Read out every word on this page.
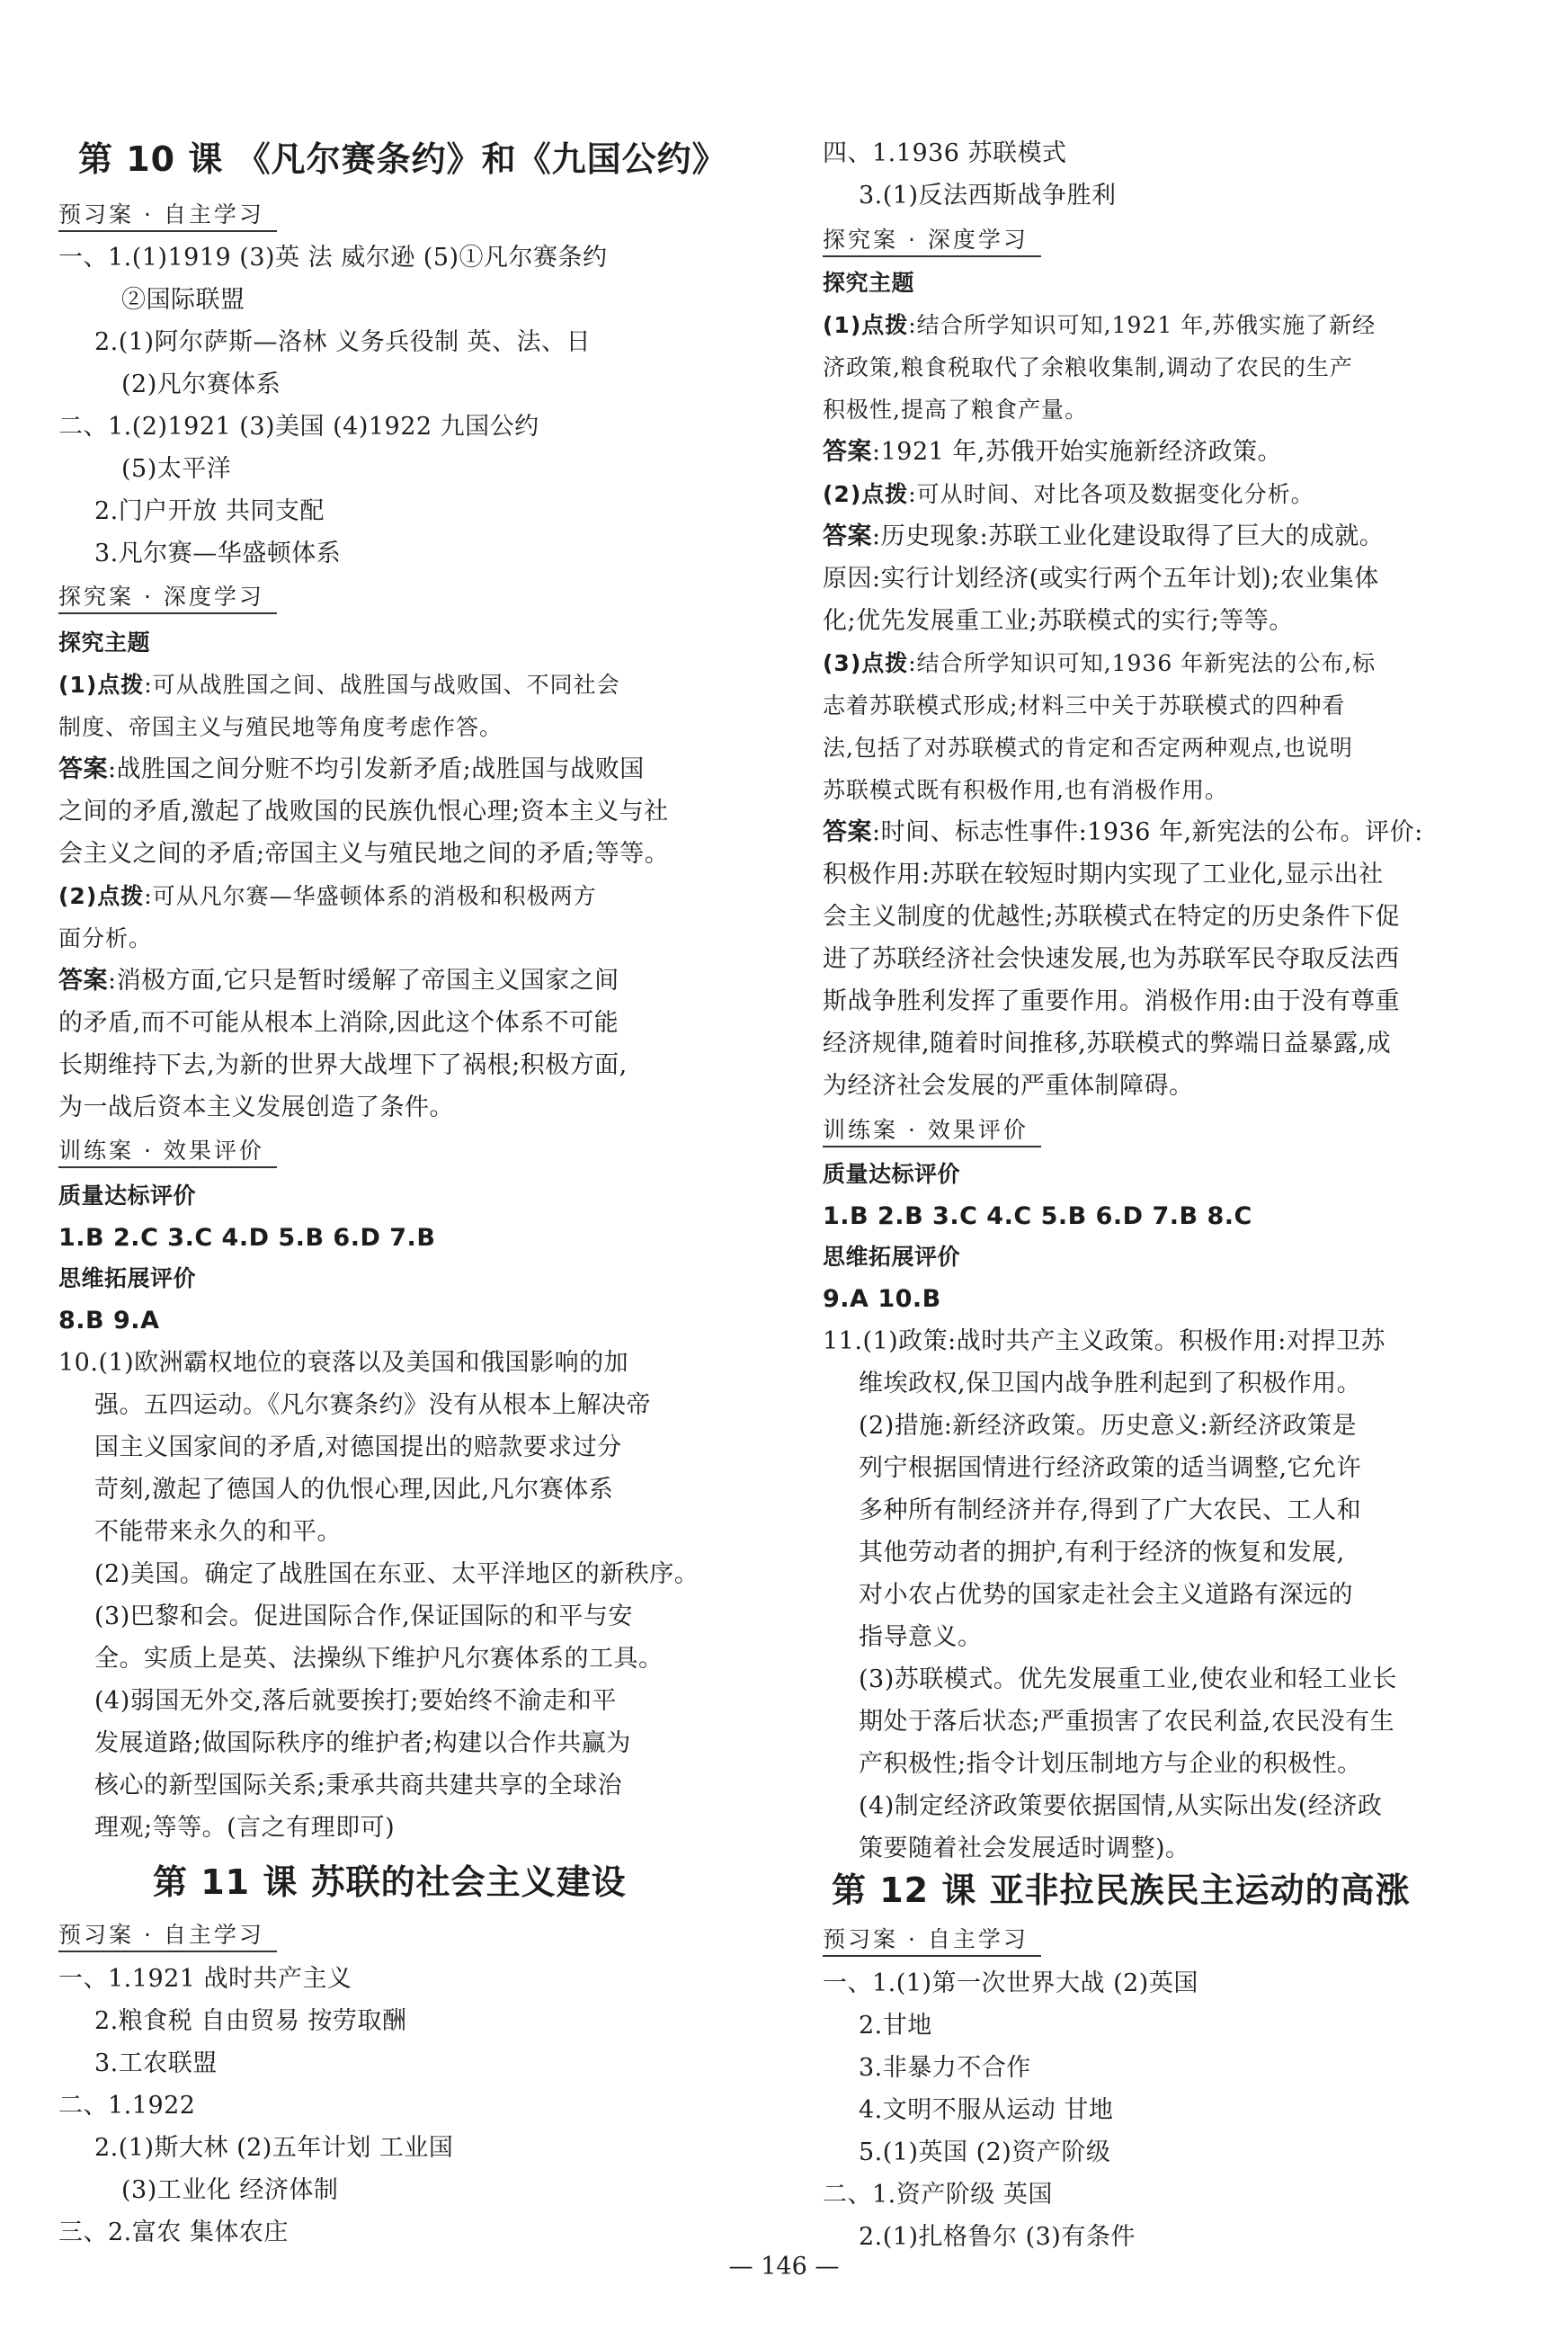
第 10 课 《凡尔赛条约》和《九国公约》
预习案 · 自主学习
一、1.(1)1919 (3)英 法 威尔逊 (5)①凡尔赛条约
②国际联盟
2.(1)阿尔萨斯—洛林 义务兵役制 英、法、日
(2)凡尔赛体系
二、1.(2)1921 (3)美国 (4)1922 九国公约
(5)太平洋
2.门户开放 共同支配
3.凡尔赛—华盛顿体系
探究案 · 深度学习
探究主题
(1)点拨:可从战胜国之间、战胜国与战败国、不同社会
制度、帝国主义与殖民地等角度考虑作答。
答案:战胜国之间分赃不均引发新矛盾;战胜国与战败国
之间的矛盾,激起了战败国的民族仇恨心理;资本主义与社
会主义之间的矛盾;帝国主义与殖民地之间的矛盾;等等。
(2)点拨:可从凡尔赛—华盛顿体系的消极和积极两方
面分析。
答案:消极方面,它只是暂时缓解了帝国主义国家之间
的矛盾,而不可能从根本上消除,因此这个体系不可能
长期维持下去,为新的世界大战埋下了祸根;积极方面,
为一战后资本主义发展创造了条件。
训练案 · 效果评价
质量达标评价
1.B 2.C 3.C 4.D 5.B 6.D 7.B
思维拓展评价
8.B 9.A
10.(1)欧洲霸权地位的衰落以及美国和俄国影响的加
强。五四运动。《凡尔赛条约》没有从根本上解决帝
国主义国家间的矛盾,对德国提出的赔款要求过分
苛刻,激起了德国人的仇恨心理,因此,凡尔赛体系
不能带来永久的和平。
(2)美国。确定了战胜国在东亚、太平洋地区的新秩序。
(3)巴黎和会。促进国际合作,保证国际的和平与安
全。实质上是英、法操纵下维护凡尔赛体系的工具。
(4)弱国无外交,落后就要挨打;要始终不渝走和平
发展道路;做国际秩序的维护者;构建以合作共赢为
核心的新型国际关系;秉承共商共建共享的全球治
理观;等等。(言之有理即可)
第 11 课 苏联的社会主义建设
预习案 · 自主学习
一、1.1921 战时共产主义
2.粮食税 自由贸易 按劳取酬
3.工农联盟
二、1.1922
2.(1)斯大林 (2)五年计划 工业国
(3)工业化 经济体制
三、2.富农 集体农庄
四、1.1936 苏联模式
3.(1)反法西斯战争胜利
探究案 · 深度学习
探究主题
(1)点拨:结合所学知识可知,1921 年,苏俄实施了新经
济政策,粮食税取代了余粮收集制,调动了农民的生产
积极性,提高了粮食产量。
答案:1921 年,苏俄开始实施新经济政策。
(2)点拨:可从时间、对比各项及数据变化分析。
答案:历史现象:苏联工业化建设取得了巨大的成就。
原因:实行计划经济(或实行两个五年计划);农业集体
化;优先发展重工业;苏联模式的实行;等等。
(3)点拨:结合所学知识可知,1936 年新宪法的公布,标
志着苏联模式形成;材料三中关于苏联模式的四种看
法,包括了对苏联模式的肯定和否定两种观点,也说明
苏联模式既有积极作用,也有消极作用。
答案:时间、标志性事件:1936 年,新宪法的公布。评价:
积极作用:苏联在较短时期内实现了工业化,显示出社
会主义制度的优越性;苏联模式在特定的历史条件下促
进了苏联经济社会快速发展,也为苏联军民夺取反法西
斯战争胜利发挥了重要作用。消极作用:由于没有尊重
经济规律,随着时间推移,苏联模式的弊端日益暴露,成
为经济社会发展的严重体制障碍。
训练案 · 效果评价
质量达标评价
1.B 2.B 3.C 4.C 5.B 6.D 7.B 8.C
思维拓展评价
9.A 10.B
11.(1)政策:战时共产主义政策。积极作用:对捍卫苏
维埃政权,保卫国内战争胜利起到了积极作用。
(2)措施:新经济政策。历史意义:新经济政策是
列宁根据国情进行经济政策的适当调整,它允许
多种所有制经济并存,得到了广大农民、工人和
其他劳动者的拥护,有利于经济的恢复和发展,
对小农占优势的国家走社会主义道路有深远的
指导意义。
(3)苏联模式。优先发展重工业,使农业和轻工业长
期处于落后状态;严重损害了农民利益,农民没有生
产积极性;指令计划压制地方与企业的积极性。
(4)制定经济政策要依据国情,从实际出发(经济政
策要随着社会发展适时调整)。
第 12 课 亚非拉民族民主运动的高涨
预习案 · 自主学习
一、1.(1)第一次世界大战 (2)英国
2.甘地
3.非暴力不合作
4.文明不服从运动 甘地
5.(1)英国 (2)资产阶级
二、1.资产阶级 英国
2.(1)扎格鲁尔 (3)有条件
— 146 —
